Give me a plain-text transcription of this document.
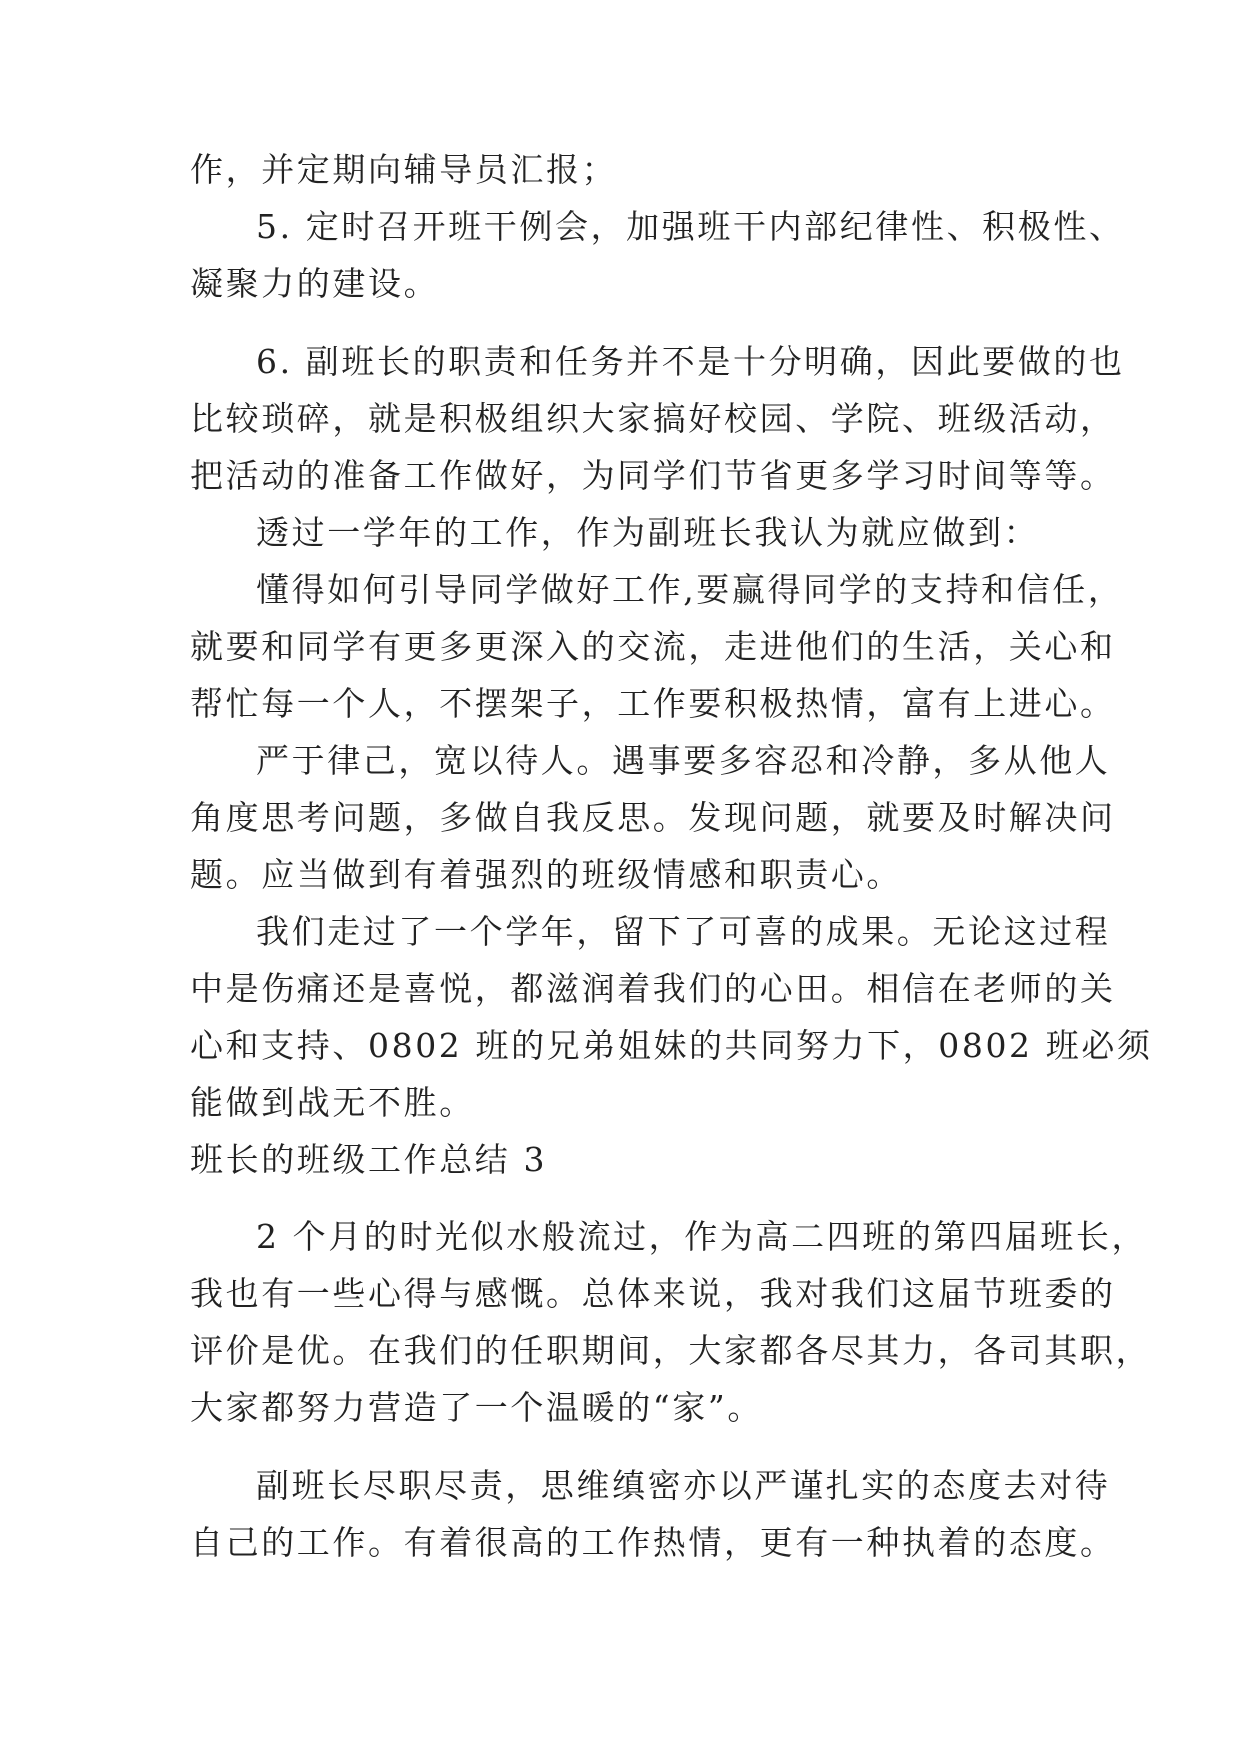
作，并定期向辅导员汇报；
5. 定时召开班干例会，加强班干内部纪律性、积极性、
凝聚力的建设。
6. 副班长的职责和任务并不是十分明确，因此要做的也
比较琐碎，就是积极组织大家搞好校园、学院、班级活动，
把活动的准备工作做好，为同学们节省更多学习时间等等。
透过一学年的工作，作为副班长我认为就应做到：
懂得如何引导同学做好工作,要赢得同学的支持和信任，
就要和同学有更多更深入的交流，走进他们的生活，关心和
帮忙每一个人，不摆架子，工作要积极热情，富有上进心。
严于律己，宽以待人。遇事要多容忍和冷静，多从他人
角度思考问题，多做自我反思。发现问题，就要及时解决问
题。应当做到有着强烈的班级情感和职责心。
我们走过了一个学年，留下了可喜的成果。无论这过程
中是伤痛还是喜悦，都滋润着我们的心田。相信在老师的关
心和支持、0802 班的兄弟姐妹的共同努力下，0802 班必须
能做到战无不胜。
班长的班级工作总结 3
2 个月的时光似水般流过，作为高二四班的第四届班长，
我也有一些心得与感慨。总体来说，我对我们这届节班委的
评价是优。在我们的任职期间，大家都各尽其力，各司其职，
大家都努力营造了一个温暖的“家”。
副班长尽职尽责，思维缜密亦以严谨扎实的态度去对待
自己的工作。有着很高的工作热情，更有一种执着的态度。
